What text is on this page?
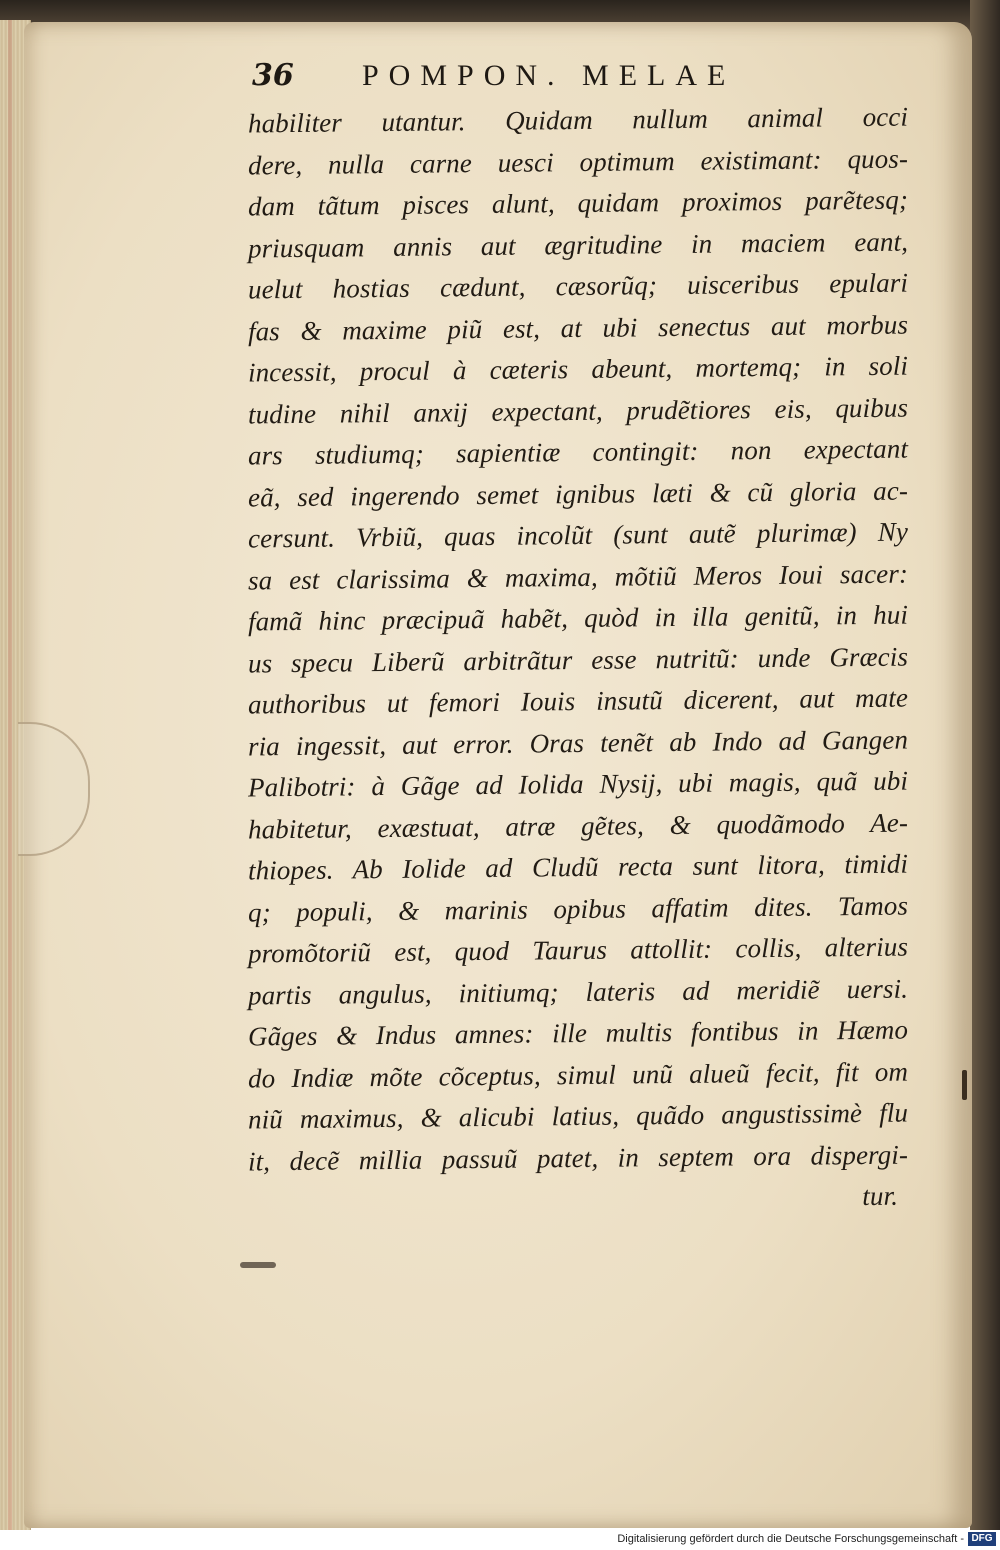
36	POMPON. MELAE
habiliter utantur. Quidam nullum animal occi
dere, nulla carne uesci optimum existimant: quos-
dam tãtum pisces alunt, quidam proximos parẽtesq;
priusquam annis aut ægritudine in maciem eant,
uelut hostias cædunt, cæsorũq; uisceribus epulari
fas & maxime piũ est, at ubi senectus aut morbus
incessit, procul à cæteris abeunt, mortemq; in soli
tudine nihil anxij expectant, prudẽtiores eis, quibus
ars studiumq; sapientiæ contingit: non expectant
eã, sed ingerendo semet ignibus læti & cũ gloria ac-
cersunt. Vrbiũ, quas incolũt (sunt autẽ plurimæ) Ny
sa est clarissima & maxima, mõtiũ Meros Ioui sacer:
famã hinc præcipuã habẽt, quòd in illa genitũ, in hui
us specu Liberũ arbitrãtur esse nutritũ: unde Græcis
authoribus ut femori Iouis insutũ dicerent, aut mate
ria ingessit, aut error. Oras tenẽt ab Indo ad Gangen
Palibotri: à Gãge ad Iolida Nysij, ubi magis, quã ubi
habitetur, exæstuat, atræ gẽtes, & quodãmodo Ae-
thiopes. Ab Iolide ad Cludũ recta sunt litora, timidi
q; populi, & marinis opibus affatim dites. Tamos
promõtoriũ est, quod Taurus attollit: collis, alterius
partis angulus, initiumq; lateris ad meridiẽ uersi.
Gãges & Indus amnes: ille multis fontibus in Hæmo
do Indiæ mõte cõceptus, simul unũ alueũ fecit, fit om
niũ maximus, & alicubi latius, quãdo angustissimè flu
it, decẽ millia passuũ patet, in septem ora dispergi-
tur.
Digitalisierung gefördert durch die Deutsche Forschungsgemeinschaft - DFG
